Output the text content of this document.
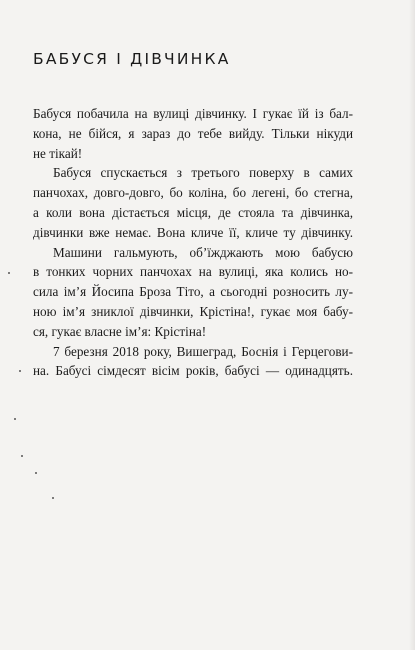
БАБУСЯ І ДІВЧИНКА
Бабуся побачила на вулиці дівчинку. І гукає їй із бал-
кона, не бійся, я зараз до тебе вийду. Тільки нікуди
не тікай!
Бабуся спускається з третього поверху в самих
панчохах, довго-довго, бо коліна, бо легені, бо стегна,
а коли вона дістається місця, де стояла та дівчинка,
дівчинки вже немає. Вона кличе її, кличе ту дівчинку.
Машини гальмують, об’їжджають мою бабусю
в тонких чорних панчохах на вулиці, яка колись но-
сила ім’я Йосипа Броза Тіто, а сьогодні розносить лу-
ною ім’я зниклої дівчинки, Крістіна!, гукає моя бабу-
ся, гукає власне ім’я: Крістіна!
7 березня 2018 року, Вишеград, Боснія і Герцегови-
на. Бабусі сімдесят вісім років, бабусі — одинадцять.
